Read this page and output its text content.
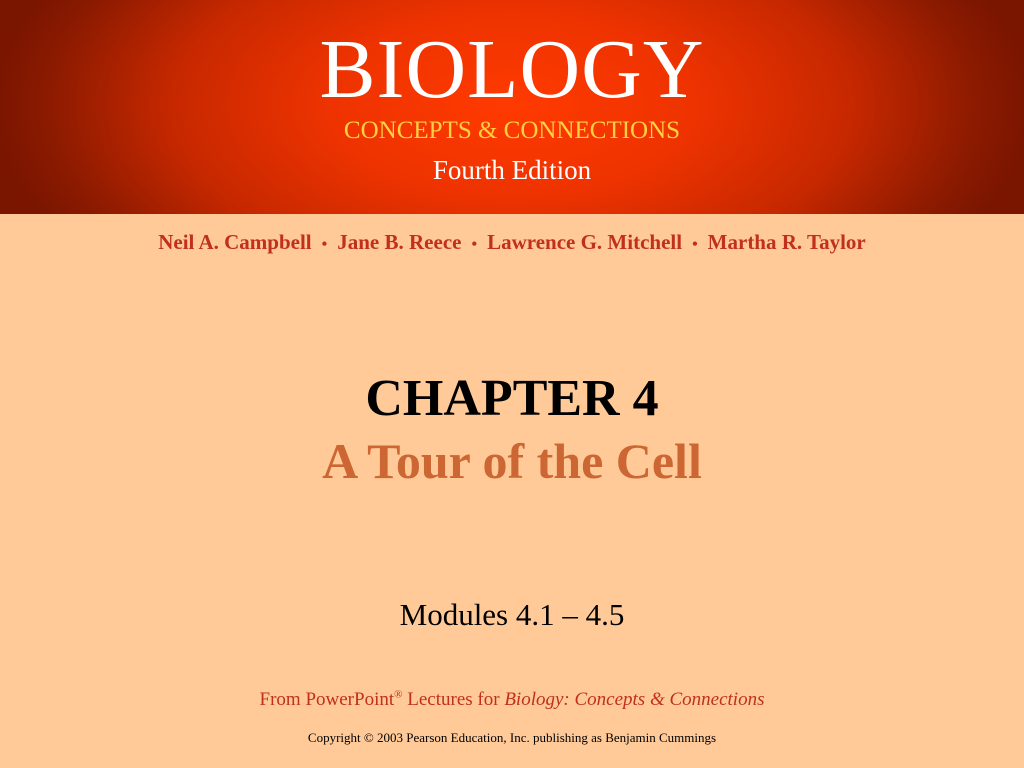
BIOLOGY
CONCEPTS & CONNECTIONS
Fourth Edition
Neil A. Campbell • Jane B. Reece • Lawrence G. Mitchell • Martha R. Taylor
CHAPTER 4
A Tour of the Cell
Modules 4.1 – 4.5
From PowerPoint® Lectures for Biology: Concepts & Connections
Copyright © 2003 Pearson Education, Inc. publishing as Benjamin Cummings
